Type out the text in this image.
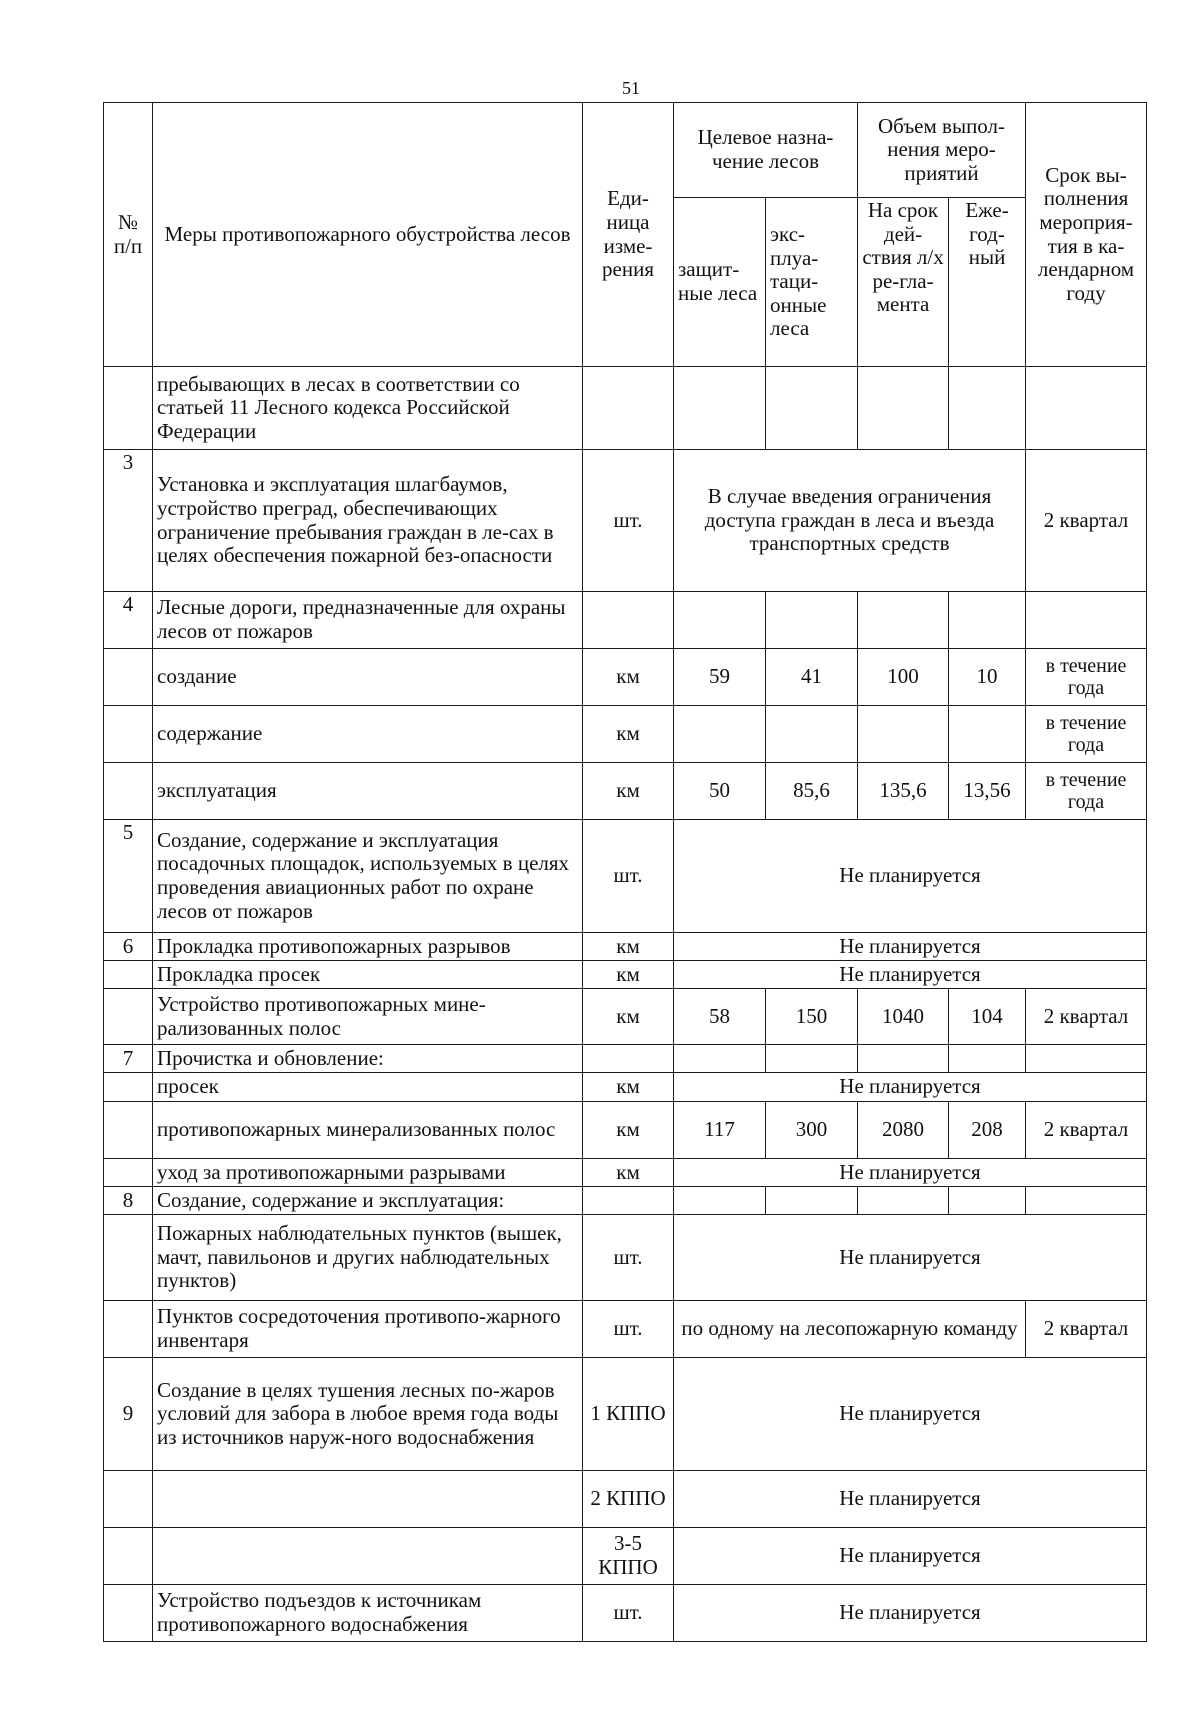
51
№ п/п	Меры противопожарного обустройства лесов	Еди-ница изме-рения	Целевое назна-чение лесов		Объем выпол-нения меро-приятий		Срок вы-полнения мероприя-тия в ка-лендарном году
			защит-ные леса	экс-плуа-таци-онные леса	На срок дей-ствия л/х ре-гла-мента	Еже-год-ный	
	пребывающих в лесах в соответствии со статьей 11 Лесного кодекса Российской Федерации						
3	Установка и эксплуатация шлагбаумов, устройство преград, обеспечивающих ограничение пребывания граждан в ле-сах в целях обеспечения пожарной без-опасности	шт.	В случае введения ограничения доступа граждан в леса и въезда транспортных средств				2 квартал
4	Лесные дороги, предназначенные для охраны лесов от пожаров						
	создание	км	59	41	100	10	в течение года
	содержание	км					в течение года
	эксплуатация	км	50	85,6	135,6	13,56	в течение года
5	Создание, содержание и эксплуатация посадочных площадок, используемых в целях проведения авиационных работ по охране лесов от пожаров	шт.	Не планируется				
6	Прокладка противопожарных разрывов	км	Не планируется				
	Прокладка просек	км	Не планируется				
	Устройство противопожарных мине-рализованных полос	км	58	150	1040	104	2 квартал
7	Прочистка и обновление:						
	просек	км	Не планируется				
	противопожарных минерализованных полос	км	117	300	2080	208	2 квартал
	уход за противопожарными разрывами	км	Не планируется				
8	Создание, содержание и эксплуатация:						
	Пожарных наблюдательных пунктов (вышек, мачт, павильонов и других наблюдательных пунктов)	шт.	Не планируется				
	Пунктов сосредоточения противопо-жарного инвентаря	шт.	по одному на лесопожарную команду				2 квартал
9	Создание в целях тушения лесных по-жаров условий для забора в любое время года воды из источников наруж-ного водоснабжения	1 КППО	Не планируется				
		2 КППО	Не планируется				
		3-5 КППО	Не планируется				
	Устройство подъездов к источникам противопожарного водоснабжения	шт.	Не планируется				
